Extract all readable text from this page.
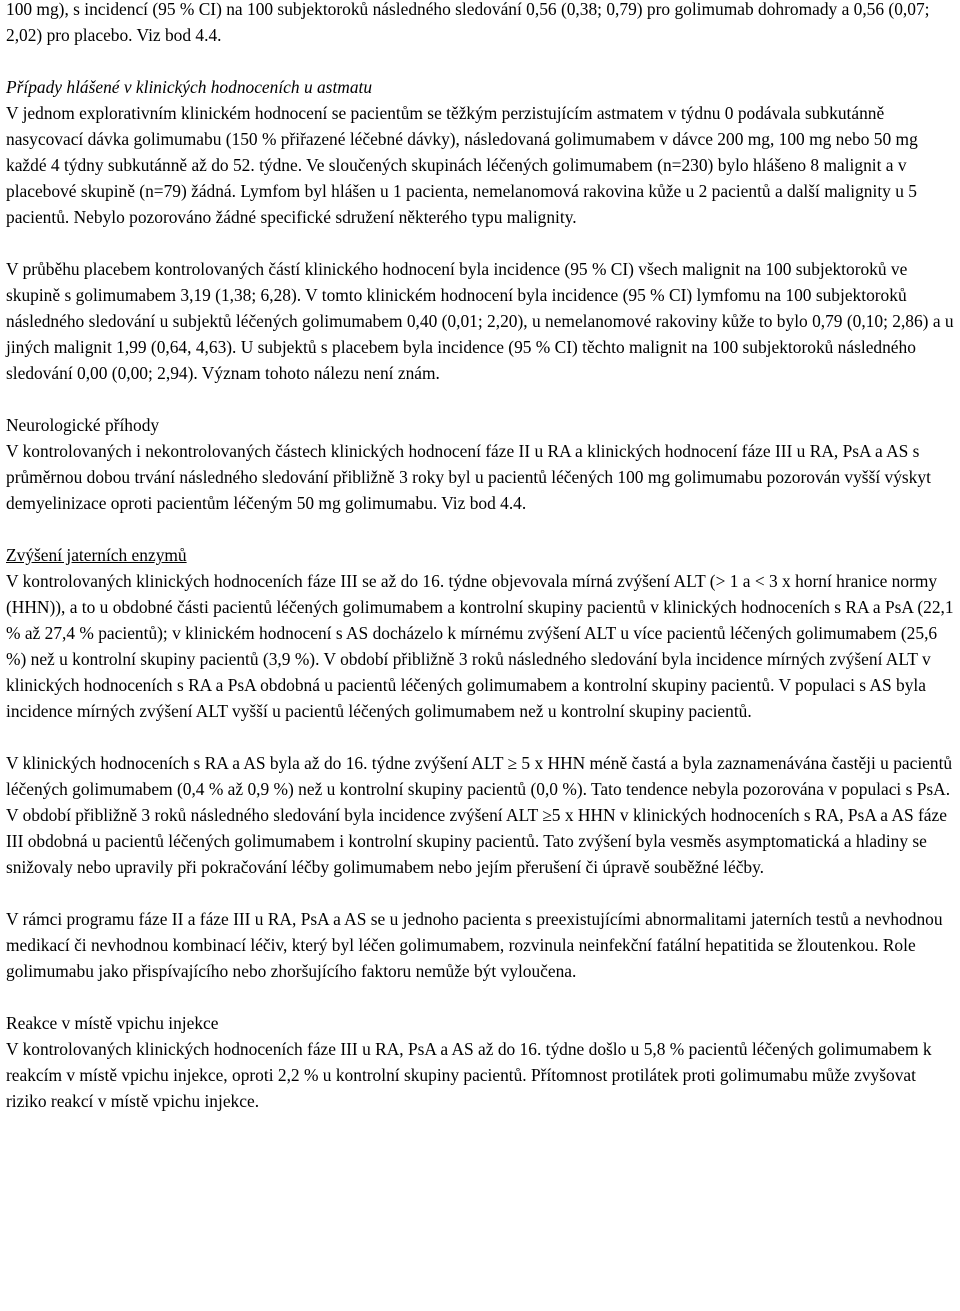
100 mg), s incidencí (95 % CI) na 100 subjektoroků následného sledování 0,56 (0,38; 0,79) pro golimumab dohromady a 0,56 (0,07; 2,02) pro placebo. Viz bod 4.4.

Případy hlášené v klinických hodnoceních u astmatu

V jednom explorativním klinickém hodnocení se pacientům se těžkým perzistujícím astmatem v týdnu 0 podávala subkutánně nasycovací dávka golimumabu (150 % přiřazené léčebné dávky), následovaná golimumabem v dávce 200 mg, 100 mg nebo 50 mg každé 4 týdny subkutánně až do 52. týdne. Ve sloučených skupinách léčených golimumabem (n=230) bylo hlášeno 8 malignit a v placebové skupině (n=79) žádná. Lymfom byl hlášen u 1 pacienta, nemelanomová rakovina kůže u 2 pacientů a další malignity u 5 pacientů. Nebylo pozorováno žádné specifické sdružení některého typu malignity.

V průběhu placebem kontrolovaných částí klinického hodnocení byla incidence (95 % CI) všech malignit na 100 subjektoroků ve skupině s golimumabem 3,19 (1,38; 6,28). V tomto klinickém hodnocení byla incidence (95 % CI) lymfomu na 100 subjektoroků následného sledování u subjektů léčených golimumabem 0,40 (0,01; 2,20), u nemelanomové rakoviny kůže to bylo 0,79 (0,10; 2,86) a u jiných malignit 1,99 (0,64, 4,63). U subjektů s placebem byla incidence (95 % CI) těchto malignit na 100 subjektoroků následného sledování 0,00 (0,00; 2,94). Význam tohoto nálezu není znám.

Neurologické příhody

V kontrolovaných i nekontrolovaných částech klinických hodnocení fáze II u RA a klinických hodnocení fáze III u RA, PsA a AS s průměrnou dobou trvání následného sledování přibližně 3 roky byl u pacientů léčených 100 mg golimumabu pozorován vyšší výskyt demyelinizace oproti pacientům léčeným 50 mg golimumabu. Viz bod 4.4.

Zvýšení jaterních enzymů

V kontrolovaných klinických hodnoceních fáze III se až do 16. týdne objevovala mírná zvýšení ALT (> 1 a < 3 x horní hranice normy (HHN)), a to u obdobné části pacientů léčených golimumabem a kontrolní skupiny pacientů v klinických hodnoceních s RA a PsA (22,1 % až 27,4 % pacientů); v klinickém hodnocení s AS docházelo k mírnému zvýšení ALT u více pacientů léčených golimumabem (25,6 %) než u kontrolní skupiny pacientů (3,9 %). V období přibližně 3 roků následného sledování byla incidence mírných zvýšení ALT v klinických hodnoceních s RA a PsA obdobná u pacientů léčených golimumabem a kontrolní skupiny pacientů. V populaci s AS byla incidence mírných zvýšení ALT vyšší u pacientů léčených golimumabem než u kontrolní skupiny pacientů.

V klinických hodnoceních s RA a AS byla až do 16. týdne zvýšení ALT ≥ 5 x HHN méně častá a byla zaznamenávána častěji u pacientů léčených golimumabem (0,4 % až 0,9 %) než u kontrolní skupiny pacientů (0,0 %). Tato tendence nebyla pozorována v populaci s PsA. V období přibližně 3 roků následného sledování byla incidence zvýšení ALT ≥5 x HHN v klinických hodnoceních s RA, PsA a AS fáze III obdobná u pacientů léčených golimumabem i kontrolní skupiny pacientů. Tato zvýšení byla vesměs asymptomatická a hladiny se snižovaly nebo upravily při pokračování léčby golimumabem nebo jejím přerušení či úpravě souběžné léčby.

V rámci programu fáze II a fáze III u RA, PsA a AS se u jednoho pacienta s preexistujícími abnormalitami jaterních testů a nevhodnou medikací či nevhodnou kombinací léčiv, který byl léčen golimumabem, rozvinula neinfekční fatální hepatitida se žloutenkou. Role golimumabu jako přispívajícího nebo zhoršujícího faktoru nemůže být vyloučena.

Reakce v místě vpichu injekce

V kontrolovaných klinických hodnoceních fáze III u RA, PsA a AS až do 16. týdne došlo u 5,8 % pacientů léčených golimumabem k reakcím v místě vpichu injekce, oproti 2,2 % u kontrolní skupiny pacientů. Přítomnost protilátek proti golimumabu může zvyšovat riziko reakcí v místě vpichu injekce.
